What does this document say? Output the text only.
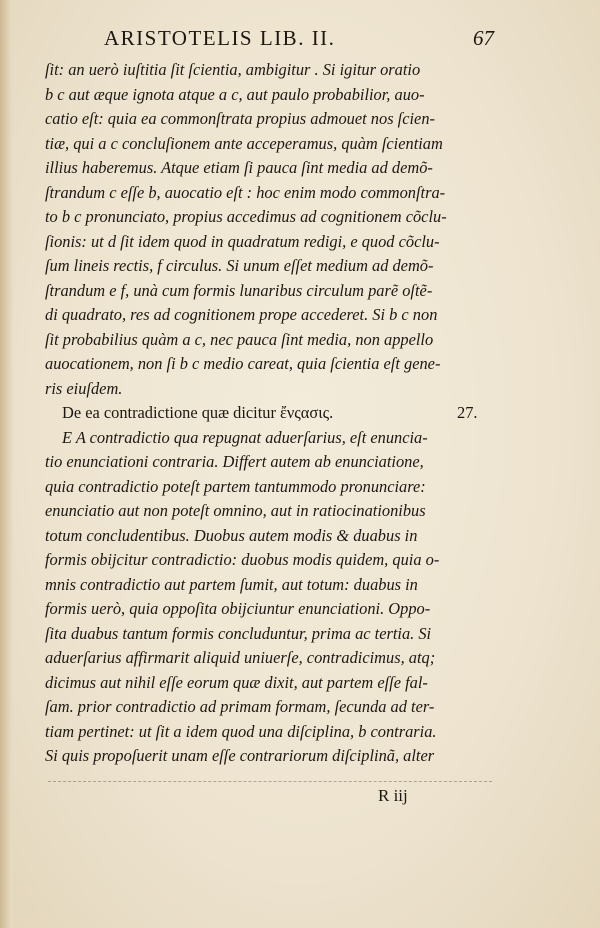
ARISTOTELIS LIB. II.	67
ſit: an uerò iuſtitia ſit ſcientia, ambigitur . Si igitur oratio
b c aut æque ignota atque a c, aut paulo probabilior, auo-
catio eſt: quia ea commonſtrata propius admouet nos ſcien-
tiæ, qui a c concluſionem ante acceperamus, quàm ſcientiam
illius haberemus. Atque etiam ſi pauca ſint media ad demõ-
ſtrandum c eſſe b, auocatio eſt : hoc enim modo commonſtra-
to b c pronunciato, propius accedimus ad cognitionem cõclu-
ſionis: ut d ſit idem quod in quadratum redigi, e quod cõclu-
ſum lineis rectis, f circulus. Si unum eſſet medium ad demõ-
ſtrandum e f, unà cum formis lunaribus circulum parẽ oſtẽ-
di quadrato, res ad cognitionem prope accederet. Si b c non
ſit probabilius quàm a c, nec pauca ſint media, non appello
auocationem, non ſi b c medio careat, quia ſcientia eſt gene-
ris eiuſdem.
De ea contradictione quæ dicitur ἔνςασις.	27.
E A contradictio qua repugnat aduerſarius, eſt enuncia-
tio enunciationi contraria. Differt autem ab enunciatione,
quia contradictio poteſt partem tantummodo pronunciare:
enunciatio aut non poteſt omnino, aut in ratiocinationibus
totum concludentibus. Duobus autem modis & duabus in
formis obijcitur contradictio: duobus modis quidem, quia o-
mnis contradictio aut partem ſumit, aut totum: duabus in
formis uerò, quia oppoſita obijciuntur enunciationi. Oppo-
ſita duabus tantum formis concluduntur, prima ac tertia. Si
aduerſarius affirmarit aliquid uniuerſe, contradicimus, atq;
dicimus aut nihil eſſe eorum quæ dixit, aut partem eſſe fal-
ſam. prior contradictio ad primam formam, ſecunda ad ter-
tiam pertinet: ut ſit a idem quod una diſciplina, b contraria.
Si quis propoſuerit unam eſſe contrariorum diſciplinã, alter
R iij
